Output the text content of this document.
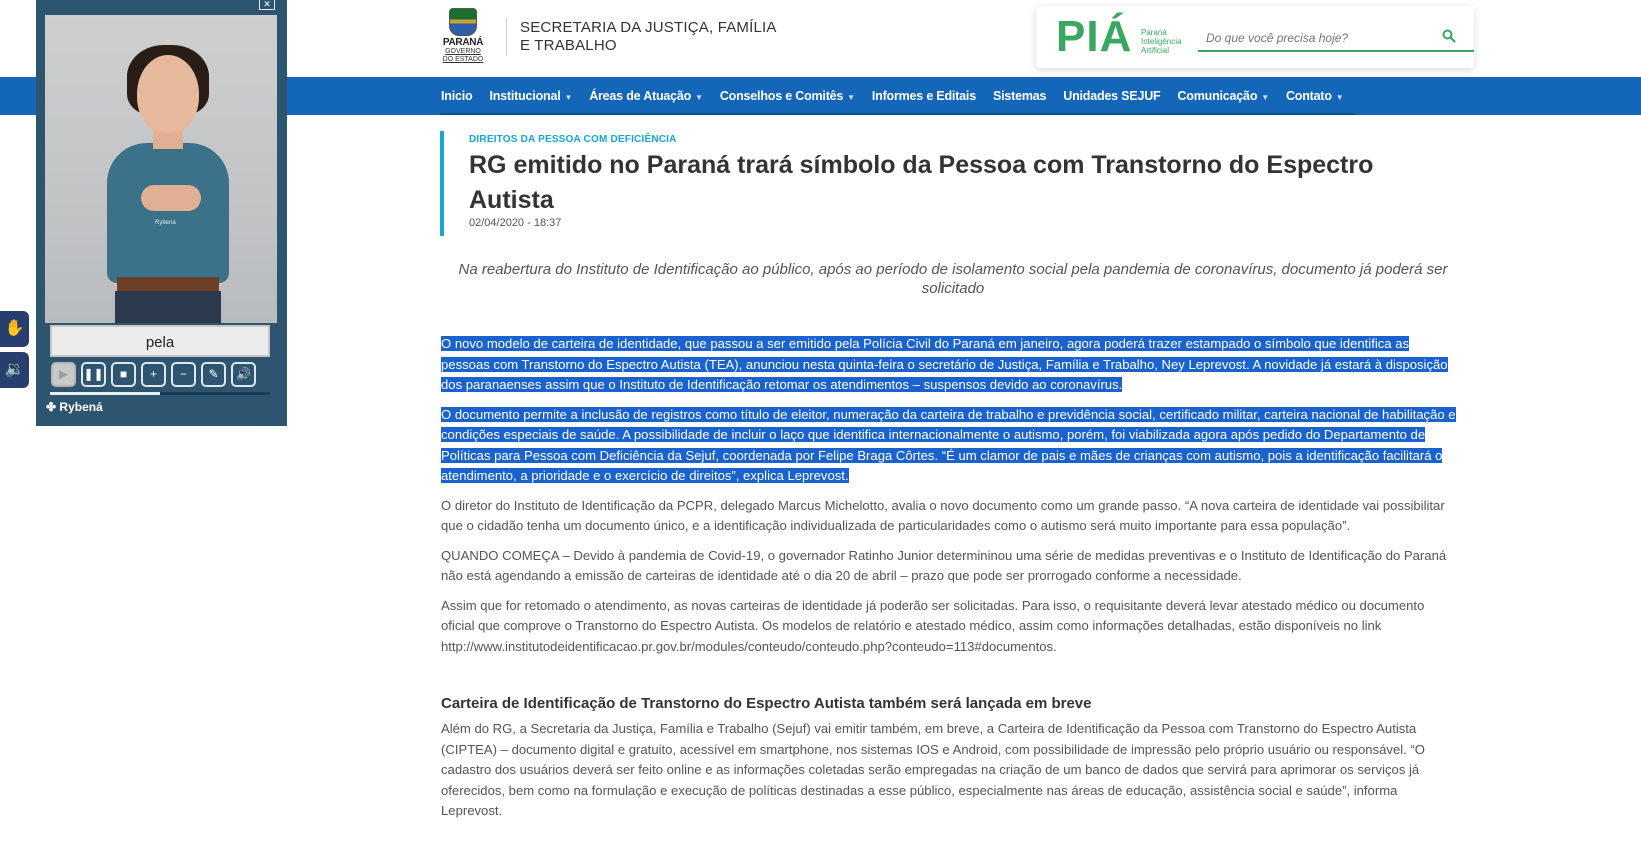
PARANÁ
GOVERNO
DO ESTADO
SECRETARIA DA JUSTIÇA, FAMÍLIA
E TRABALHO	PIÁ Paraná
Inteligência
Artificial
Do que você precisa hoje?
Inicio Institucional ▼ Áreas de Atuação ▼ Conselhos e Comitês ▼ Informes e Editais Sistemas Unidades SEJUF Comunicação ▼ Contato ▼
DIREITOS DA PESSOA COM DEFICIÊNCIA
RG emitido no Paraná trará símbolo da Pessoa com Transtorno do Espectro Autista
02/04/2020 - 18:37
Na reabertura do Instituto de Identificação ao público, após ao período de isolamento social pela pandemia de coronavírus, documento já poderá ser solicitado

O novo modelo de carteira de identidade, que passou a ser emitido pela Polícia Civil do Paraná em janeiro, agora poderá trazer estampado o símbolo que identifica as pessoas com Transtorno do Espectro Autista (TEA), anunciou nesta quinta-feira o secretário de Justiça, Família e Trabalho, Ney Leprevost. A novidade já estará à disposição dos paranaenses assim que o Instituto de Identificação retomar os atendimentos – suspensos devido ao coronavírus.

O documento permite a inclusão de registros como título de eleitor, numeração da carteira de trabalho e previdência social, certificado militar, carteira nacional de habilitação e condições especiais de saúde. A possibilidade de incluir o laço que identifica internacionalmente o autismo, porém, foi viabilizada agora após pedido do Departamento de Políticas para Pessoa com Deficiência da Sejuf, coordenada por Felipe Braga Côrtes. “É um clamor de pais e mães de crianças com autismo, pois a identificação facilitará o atendimento, a prioridade e o exercício de direitos”, explica Leprevost.

O diretor do Instituto de Identificação da PCPR, delegado Marcus Michelotto, avalia o novo documento como um grande passo. “A nova carteira de identidade vai possibilitar que o cidadão tenha um documento único, e a identificação individualizada de particularidades como o autismo será muito importante para essa população”.

QUANDO COMEÇA – Devido à pandemia de Covid-19, o governador Ratinho Junior determininou uma série de medidas preventivas e o Instituto de Identificação do Paraná não está agendando a emissão de carteiras de identidade até o dia 20 de abril – prazo que pode ser prorrogado conforme a necessidade.

Assim que for retomado o atendimento, as novas carteiras de identidade já poderão ser solicitadas. Para isso, o requisitante deverá levar atestado médico ou documento oficial que comprove o Transtorno do Espectro Autista. Os modelos de relatório e atestado médico, assim como informações detalhadas, estão disponíveis no link http://www.institutodeidentificacao.pr.gov.br/modules/conteudo/conteudo.php?conteudo=113#documentos.

Carteira de Identificação de Transtorno do Espectro Autista também será lançada em breve

Além do RG, a Secretaria da Justiça, Família e Trabalho (Sejuf) vai emitir também, em breve, a Carteira de Identificação da Pessoa com Transtorno do Espectro Autista (CIPTEA) – documento digital e gratuito, acessível em smartphone, nos sistemas IOS e Android, com possibilidade de impressão pelo próprio usuário ou responsável. “O cadastro dos usuários deverá ser feito online e as informações coletadas serão empregadas na criação de um banco de dados que servirá para aprimorar os serviços já oferecidos, bem como na formulação e execução de políticas destinadas a esse público, especialmente nas áreas de educação, assistência social e saúde”, informa Leprevost.

✋
🔉
✕
Rybená
pela
▶	❚❚	■	+	−	✎	🔊
✤ Rybená
